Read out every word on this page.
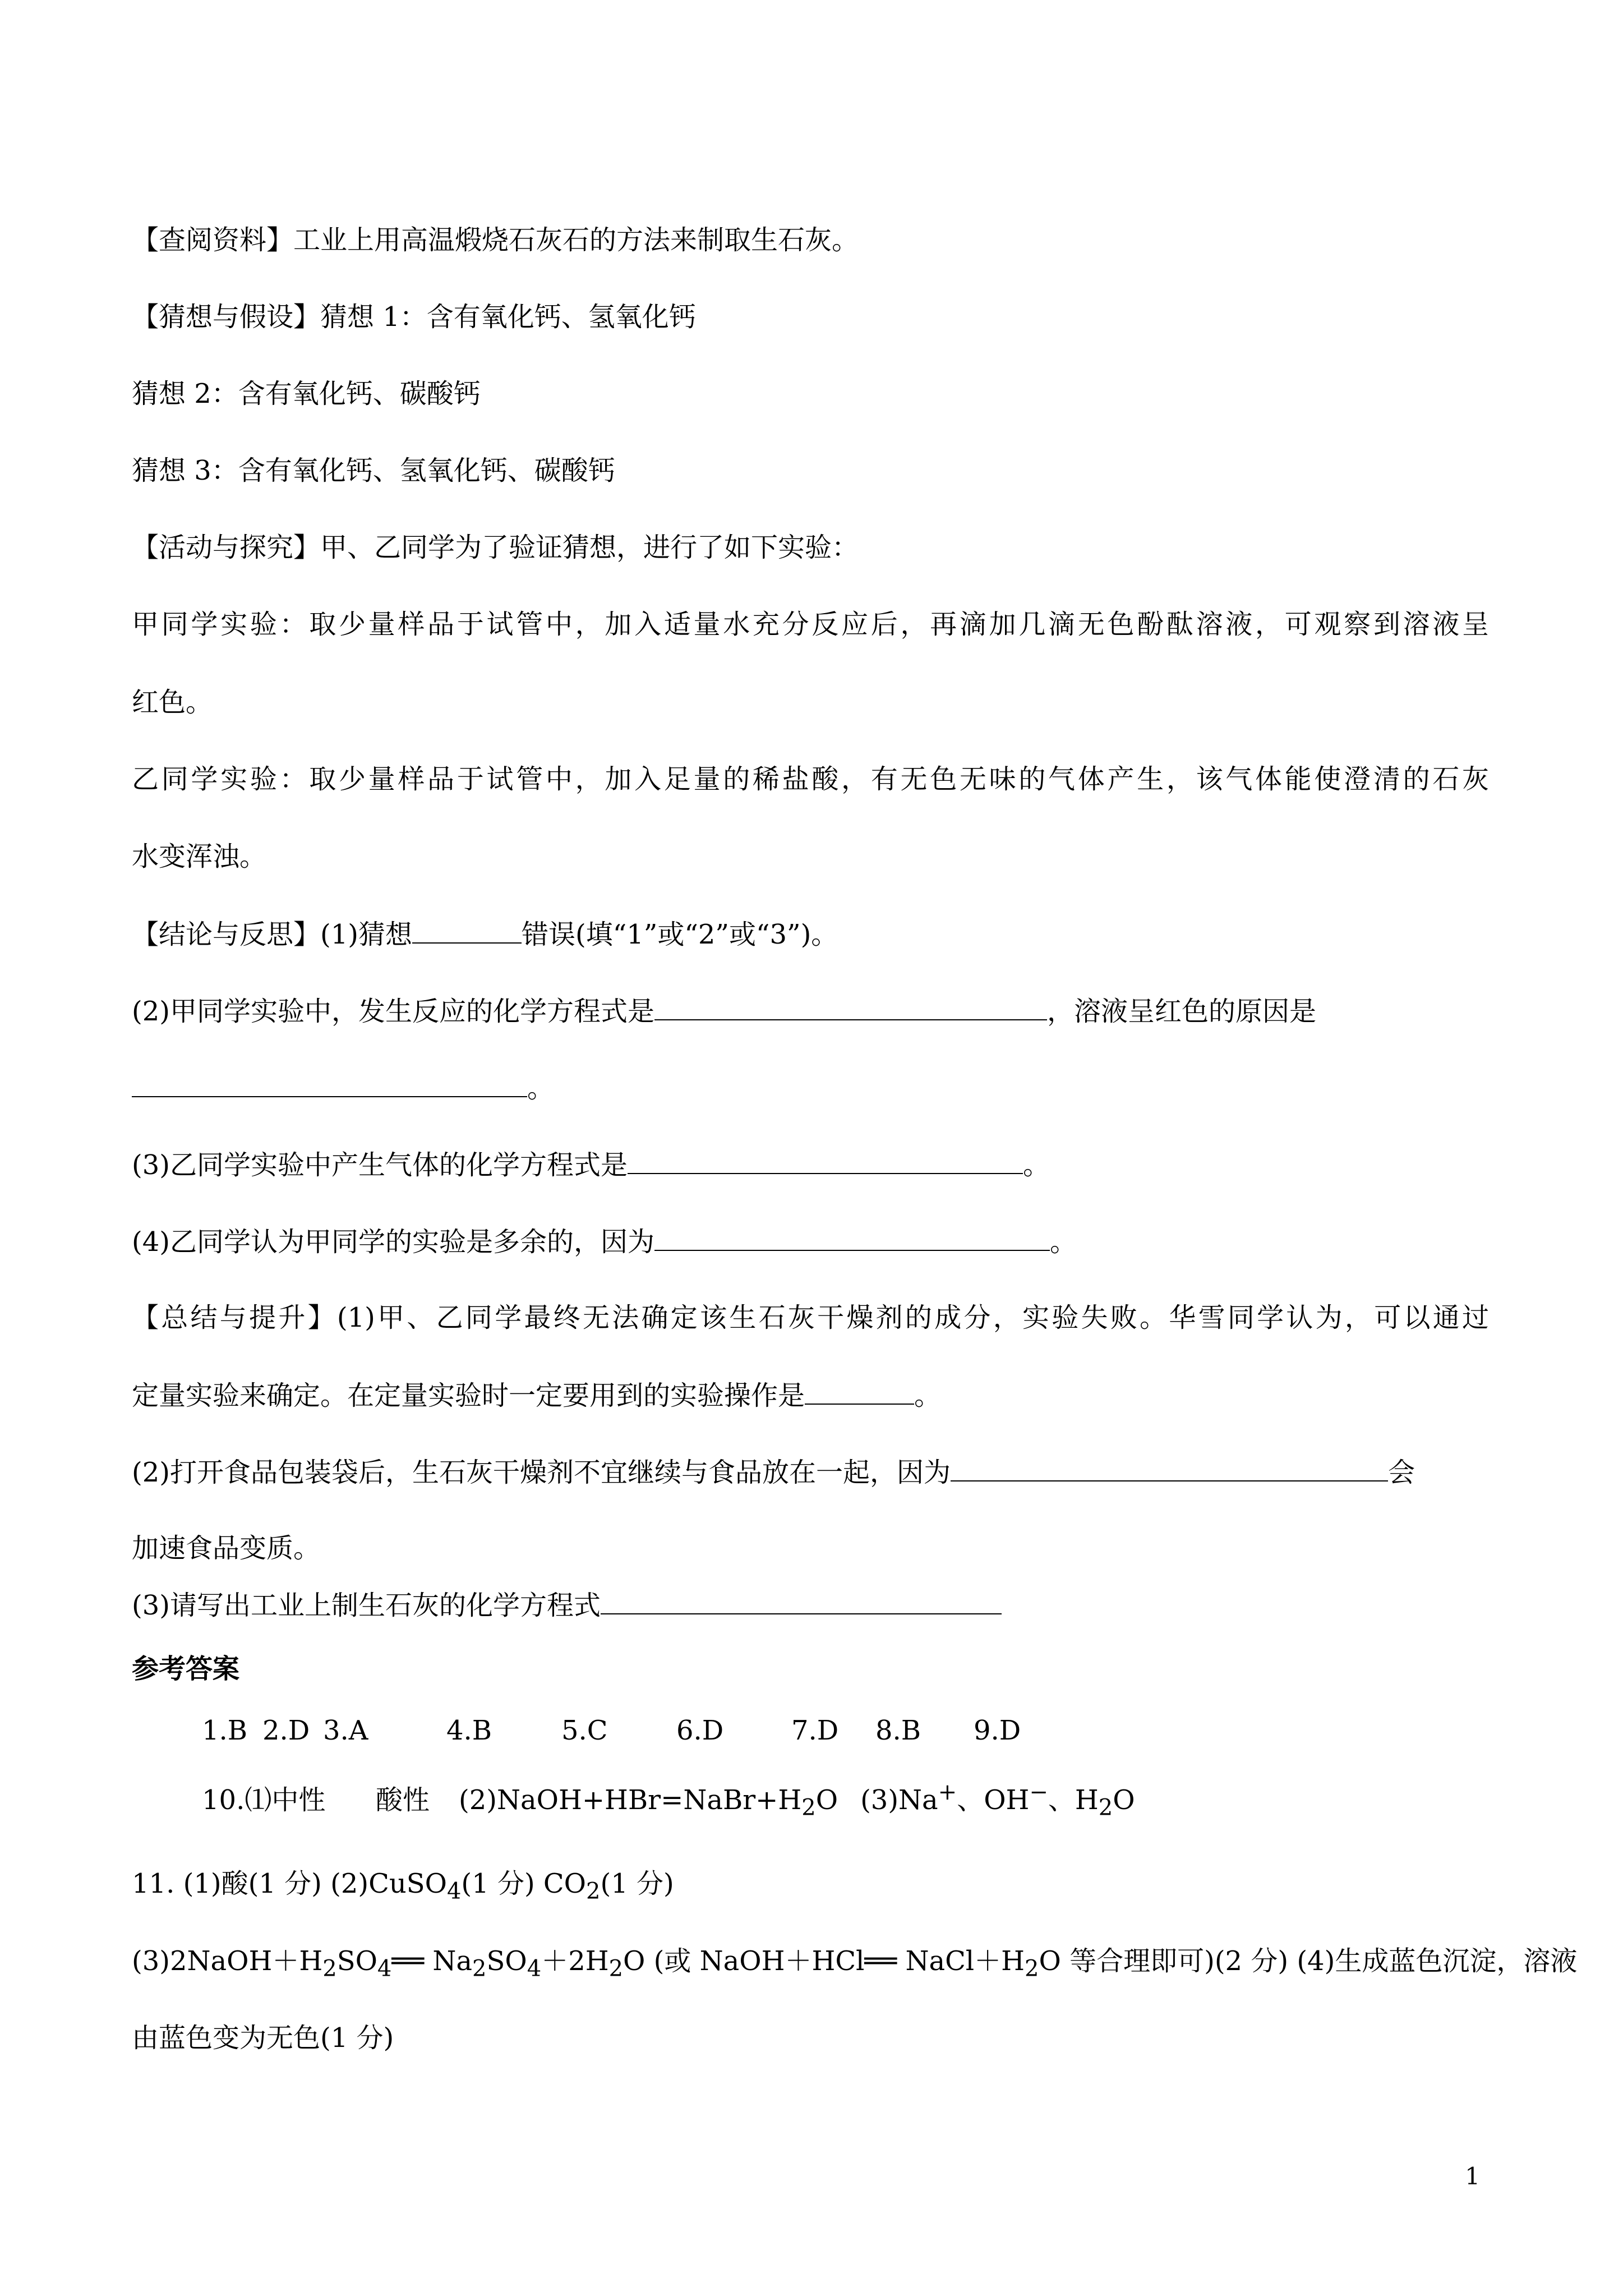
【查阅资料】工业上用高温煅烧石灰石的方法来制取生石灰。
【猜想与假设】猜想 1：含有氧化钙、氢氧化钙
猜想 2：含有氧化钙、碳酸钙
猜想 3：含有氧化钙、氢氧化钙、碳酸钙
【活动与探究】甲、乙同学为了验证猜想，进行了如下实验：
甲同学实验：取少量样品于试管中，加入适量水充分反应后，再滴加几滴无色酚酞溶液，可观察到溶液呈
红色。
乙同学实验：取少量样品于试管中，加入足量的稀盐酸，有无色无味的气体产生，该气体能使澄清的石灰
水变浑浊。
【结论与反思】(1)猜想	错误(填“1”或“2”或“3”)。
(2)甲同学实验中，发生反应的化学方程式是	，溶液呈红色的原因是
。
(3)乙同学实验中产生气体的化学方程式是	。
(4)乙同学认为甲同学的实验是多余的，因为	。
【总结与提升】(1)甲、乙同学最终无法确定该生石灰干燥剂的成分，实验失败。华雪同学认为，可以通过
定量实验来确定。在定量实验时一定要用到的实验操作是	。
(2)打开食品包装袋后，生石灰干燥剂不宜继续与食品放在一起，因为	会
加速食品变质。
(3)请写出工业上制生石灰的化学方程式
参考答案
1.B 2.D 3.A	4.B	5.C	6.D	7.D 8.B 9.D
10.⑴中性 酸性 $(2)NaOH+HBr=NaBr+H_2O$ (3)Na+、OH−、$H_2O$
11. (1)酸(1 分) (2)CuSO$_4$(1 分) $CO_2(1$ 分)
$(3)2NaOH+H_2SO_4══$ $Na_2SO_4+2H_2O$ (或 NaOH＋HCl══ $NaCl+H_2O$ 等合理即可)(2 分) (4)生成蓝色沉淀，溶液
由蓝色变为无色(1 分)
1
